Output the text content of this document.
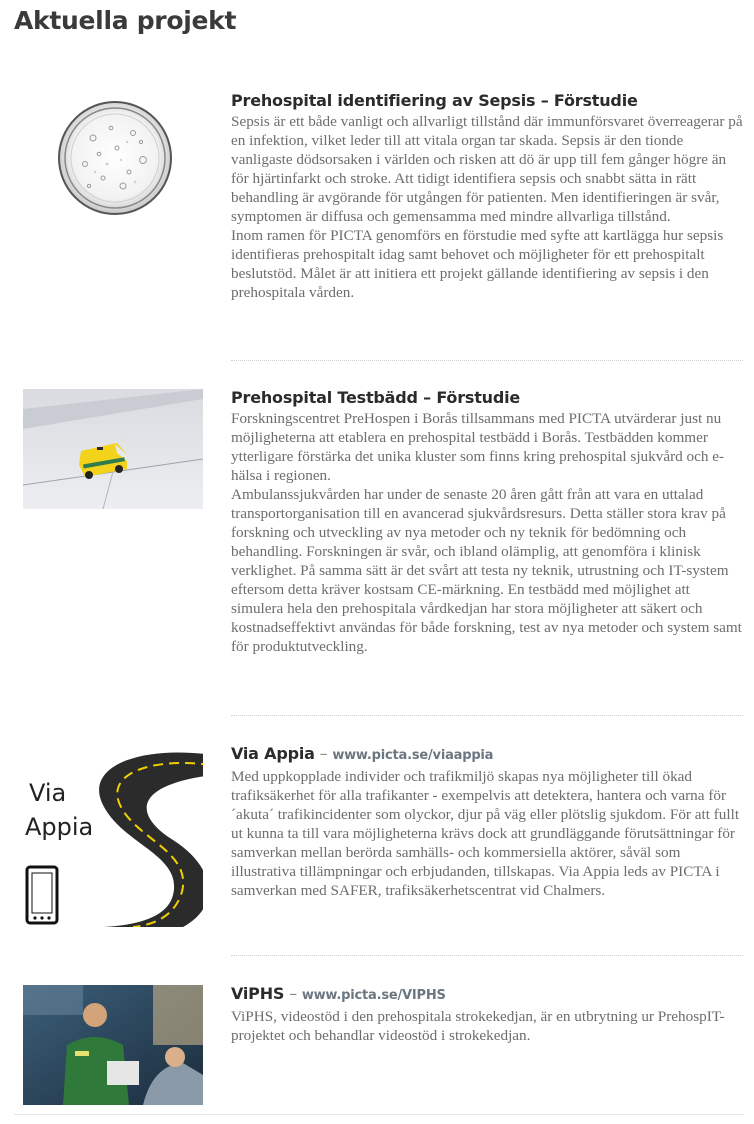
Aktuella projekt
Prehospital identifiering av Sepsis – Förstudie

Sepsis är ett både vanligt och allvarligt tillstånd där immunförsvaret överreagerar på en infektion, vilket leder till att vitala organ tar skada. Sepsis är den tionde vanligaste dödsorsaken i världen och risken att dö är upp till fem gånger högre än för hjärtinfarkt och stroke. Att tidigt identifiera sepsis och snabbt sätta in rätt behandling är avgörande för utgången för patienten. Men identifieringen är svår, symptomen är diffusa och gemensamma med mindre allvarliga tillstånd.

Inom ramen för PICTA genomförs en förstudie med syfte att kartlägga hur sepsis identifieras prehospitalt idag samt behovet och möjligheter för ett prehospitalt beslutstöd. Målet är att initiera ett projekt gällande identifiering av sepsis i den prehospitala vården.

Prehospital Testbädd – Förstudie

Forskningscentret PreHospen i Borås tillsammans med PICTA utvärderar just nu möjligheterna att etablera en prehospital testbädd i Borås. Testbädden kommer ytterligare förstärka det unika kluster som finns kring prehospital sjukvård och e-hälsa i regionen.

Ambulanssjukvården har under de senaste 20 åren gått från att vara en uttalad transportorganisation till en avancerad sjukvårdsresurs. Detta ställer stora krav på forskning och utveckling av nya metoder och ny teknik för bedömning och behandling. Forskningen är svår, och ibland olämplig, att genomföra i klinisk verklighet. På samma sätt är det svårt att testa ny teknik, utrustning och IT-system eftersom detta kräver kostsam CE-märkning. En testbädd med möjlighet att simulera hela den prehospitala vårdkedjan har stora möjligheter att säkert och kostnadseffektivt användas för både forskning, test av nya metoder och system samt för produktutveckling.

Via
Appia
Via Appia – www.picta.se/viaappia

Med uppkopplade individer och trafikmiljö skapas nya möjligheter till ökad trafiksäkerhet för alla trafikanter - exempelvis att detektera, hantera och varna för ´akuta´ trafikincidenter som olyckor, djur på väg eller plötslig sjukdom. För att fullt ut kunna ta till vara möjligheterna krävs dock att grundläggande förutsättningar för samverkan mellan berörda samhälls- och kommersiella aktörer, såväl som illustrativa tillämpningar och erbjudanden, tillskapas. Via Appia leds av PICTA i samverkan med SAFER, trafiksäkerhetscentrat vid Chalmers.

ViPHS – www.picta.se/VIPHS

ViPHS, videostöd i den prehospitala strokekedjan, är en utbrytning ur PrehospIT-projektet och behandlar videostöd i strokekedjan.
